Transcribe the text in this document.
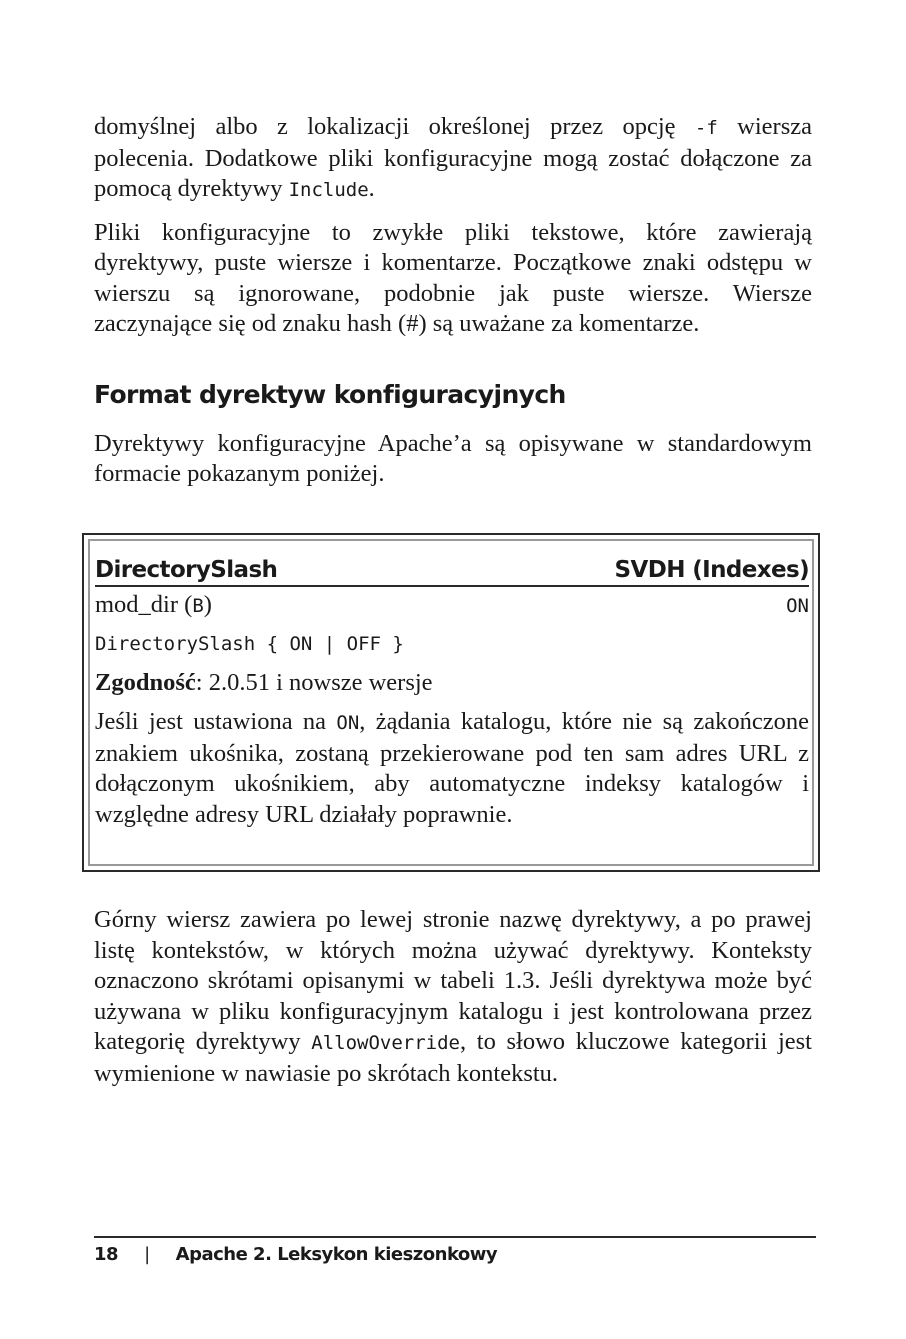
domyślnej albo z lokalizacji określonej przez opcję -f wiersza polecenia. Dodatkowe pliki konfiguracyjne mogą zostać dołączone za pomocą dyrektywy Include.

Pliki konfiguracyjne to zwykłe pliki tekstowe, które zawierają dyrektywy, puste wiersze i komentarze. Początkowe znaki odstępu w wierszu są ignorowane, podobnie jak puste wiersze. Wiersze zaczynające się od znaku hash (#) są uważane za komentarze.

Format dyrektyw konfiguracyjnych

Dyrektywy konfiguracyjne Apache’a są opisywane w standardowym formacie pokazanym poniżej.

DirectorySlash	SVDH (Indexes)
mod_dir (B)	ON
DirectorySlash { ON | OFF }
Zgodność: 2.0.51 i nowsze wersje
Jeśli jest ustawiona na ON, żądania katalogu, które nie są zakończone znakiem ukośnika, zostaną przekierowane pod ten sam adres URL z dołączonym ukośnikiem, aby automatyczne indeksy katalogów i względne adresy URL działały poprawnie.

Górny wiersz zawiera po lewej stronie nazwę dyrektywy, a po prawej listę kontekstów, w których można używać dyrektywy. Konteksty oznaczono skrótami opisanymi w tabeli 1.3. Jeśli dyrektywa może być używana w pliku konfiguracyjnym katalogu i jest kontrolowana przez kategorię dyrektywy AllowOverride, to słowo kluczowe kategorii jest wymienione w nawiasie po skrótach kontekstu.

18 | Apache 2. Leksykon kieszonkowy
